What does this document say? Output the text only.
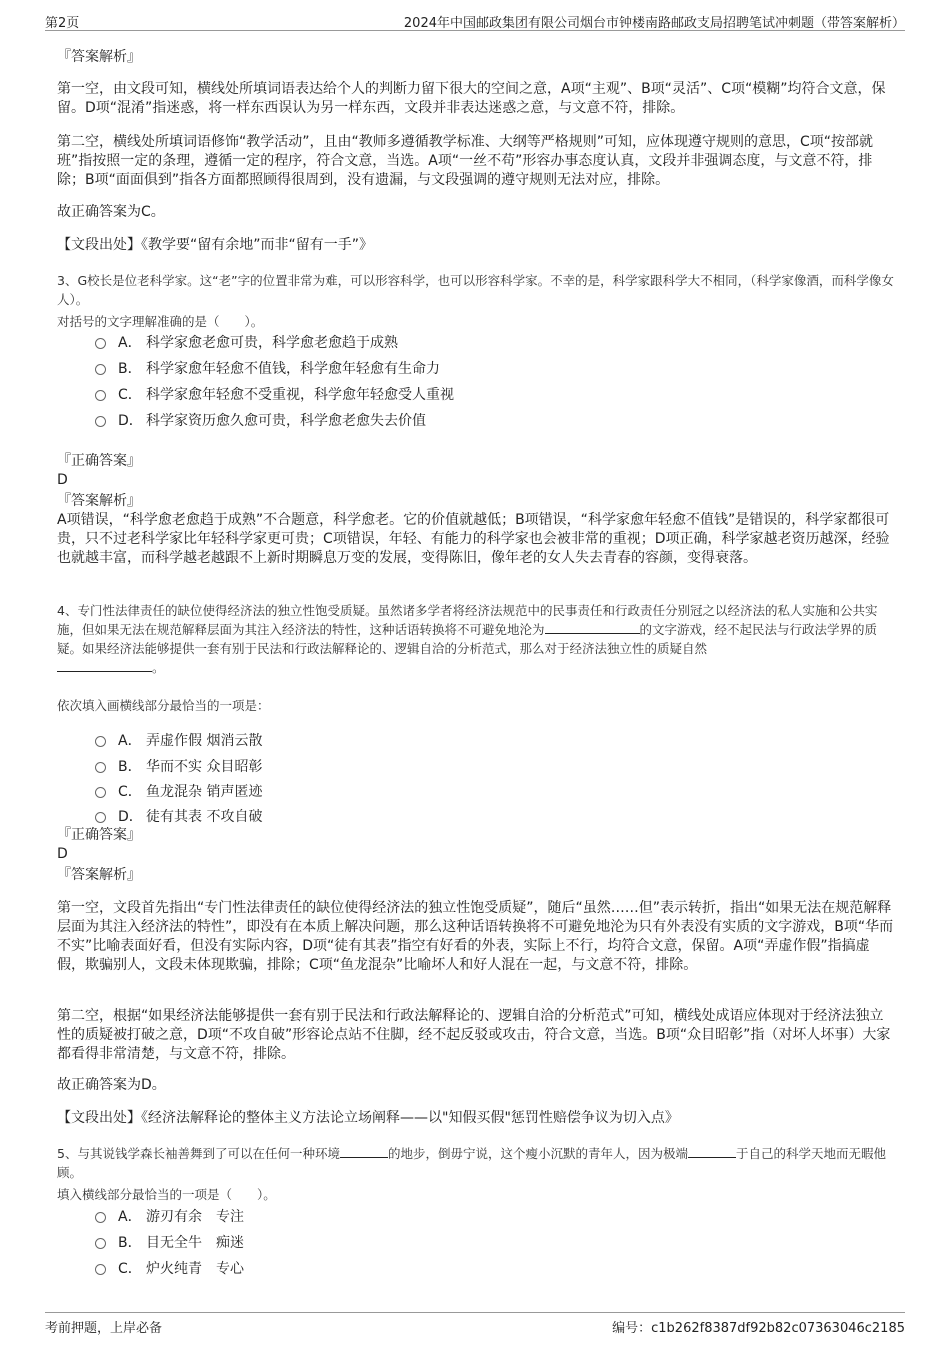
第2页	2024年中国邮政集团有限公司烟台市钟楼南路邮政支局招聘笔试冲刺题（带答案解析）
『答案解析』
第一空，由文段可知，横线处所填词语表达给个人的判断力留下很大的空间之意，A项“主观”、B项“灵活”、C项“模糊”均符合文意，保留。D项“混淆”指迷惑，将一样东西误认为另一样东西，文段并非表达迷惑之意，与文意不符，排除。
第二空，横线处所填词语修饰“教学活动”，且由“教师多遵循教学标准、大纲等严格规则”可知，应体现遵守规则的意思，C项“按部就班”指按照一定的条理，遵循一定的程序，符合文意，当选。A项“一丝不苟”形容办事态度认真，文段并非强调态度，与文意不符，排除；B项“面面俱到”指各方面都照顾得很周到，没有遗漏，与文段强调的遵守规则无法对应，排除。
故正确答案为C。
【文段出处】《教学要“留有余地”而非“留有一手”》
3、G校长是位老科学家。这“老”字的位置非常为难，可以形容科学，也可以形容科学家。不幸的是，科学家跟科学大不相同，（科学家像酒，而科学像女人）。
对括号的文字理解准确的是（　　）。
A． 科学家愈老愈可贵，科学愈老愈趋于成熟
B． 科学家愈年轻愈不值钱，科学愈年轻愈有生命力
C． 科学家愈年轻愈不受重视，科学愈年轻愈受人重视
D． 科学家资历愈久愈可贵，科学愈老愈失去价值
『正确答案』
D
『答案解析』
A项错误，“科学愈老愈趋于成熟”不合题意，科学愈老。它的价值就越低；B项错误，“科学家愈年轻愈不值钱”是错误的，科学家都很可贵，只不过老科学家比年轻科学家更可贵；C项错误，年轻、有能力的科学家也会被非常的重视；D项正确，科学家越老资历越深，经验也就越丰富，而科学越老越跟不上新时期瞬息万变的发展，变得陈旧，像年老的女人失去青春的容颜，变得衰落。
4、专门性法律责任的缺位使得经济法的独立性饱受质疑。虽然诸多学者将经济法规范中的民事责任和行政责任分别冠之以经济法的私人实施和公共实施，但如果无法在规范解释层面为其注入经济法的特性，这种话语转换将不可避免地沦为	的文字游戏，经不起民法与行政法学界的质疑。如果经济法能够提供一套有别于民法和行政法解释论的、逻辑自洽的分析范式，那么对于经济法独立性的质疑自然
。
依次填入画横线部分最恰当的一项是：
A． 弄虚作假 烟消云散
B． 华而不实 众目昭彰
C． 鱼龙混杂 销声匿迹
D． 徒有其表 不攻自破
『正确答案』
D
『答案解析』
第一空，文段首先指出“专门性法律责任的缺位使得经济法的独立性饱受质疑”，随后“虽然……但”表示转折，指出“如果无法在规范解释层面为其注入经济法的特性”，即没有在本质上解决问题，那么这种话语转换将不可避免地沦为只有外表没有实质的文字游戏，B项“华而不实”比喻表面好看，但没有实际内容，D项“徒有其表”指空有好看的外表，实际上不行，均符合文意，保留。A项“弄虚作假”指搞虚假，欺骗别人，文段未体现欺骗，排除；C项“鱼龙混杂”比喻坏人和好人混在一起，与文意不符，排除。
第二空，根据“如果经济法能够提供一套有别于民法和行政法解释论的、逻辑自洽的分析范式”可知，横线处成语应体现对于经济法独立性的质疑被打破之意，D项“不攻自破”形容论点站不住脚，经不起反驳或攻击，符合文意，当选。B项“众目昭彰”指（对坏人坏事）大家都看得非常清楚，与文意不符，排除。
故正确答案为D。
【文段出处】《经济法解释论的整体主义方法论立场阐释——以"知假买假"惩罚性赔偿争议为切入点》
5、与其说钱学森长袖善舞到了可以在任何一种环境	的地步，倒毋宁说，这个瘦小沉默的青年人，因为极端	于自己的科学天地而无暇他顾。
填入横线部分最恰当的一项是（　　）。
A． 游刃有余　专注
B． 目无全牛　痴迷
C． 炉火纯青　专心
考前押题，上岸必备	编号：c1b262f8387df92b82c07363046c2185
